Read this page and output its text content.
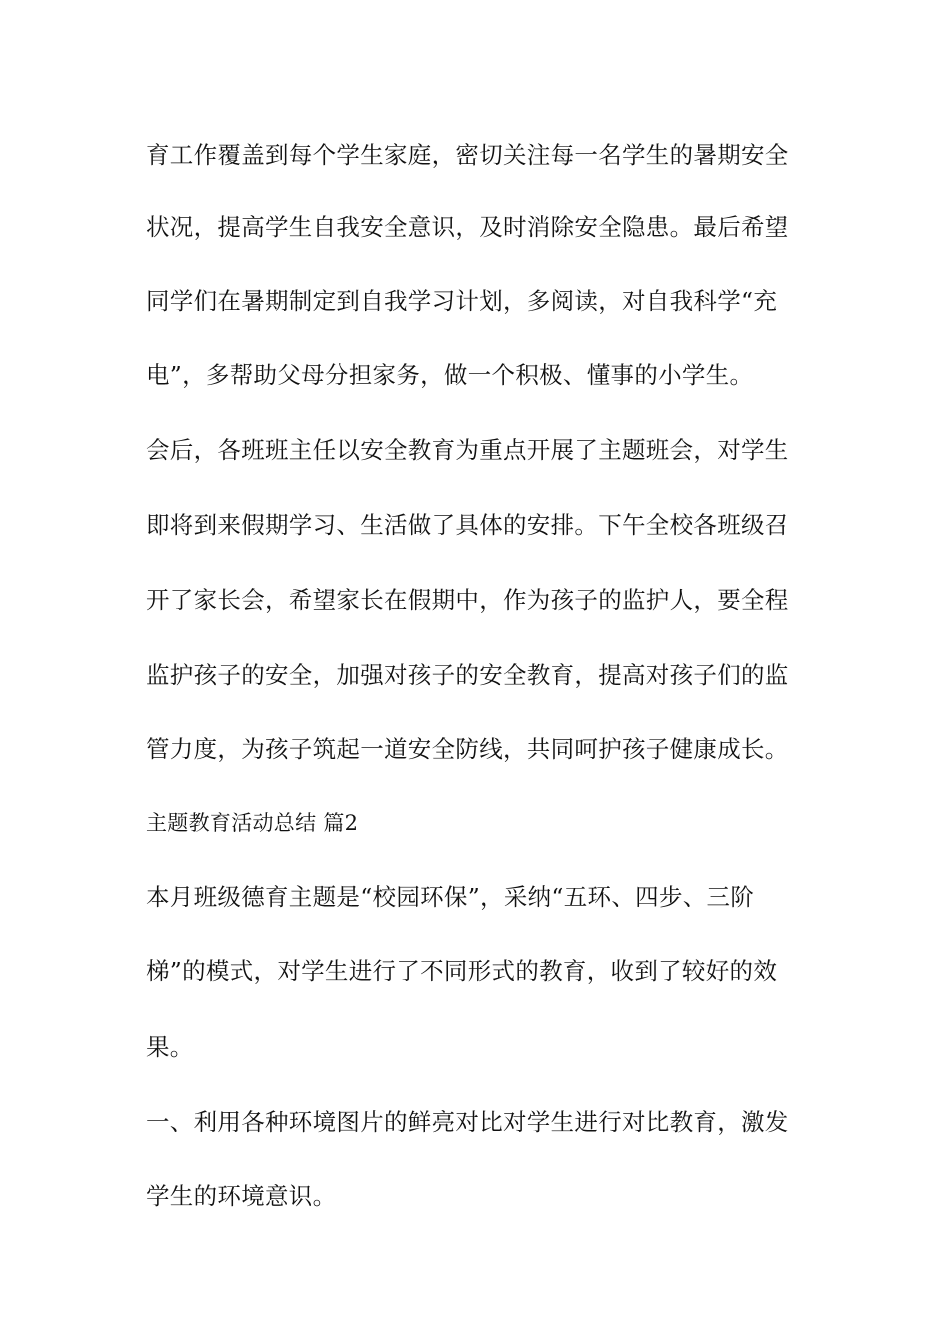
育工作覆盖到每个学生家庭，密切关注每一名学生的暑期安全
状况，提高学生自我安全意识，及时消除安全隐患。最后希望
同学们在暑期制定到自我学习计划，多阅读，对自我科学“充
电”，多帮助父母分担家务，做一个积极、懂事的小学生。
会后，各班班主任以安全教育为重点开展了主题班会，对学生
即将到来假期学习、生活做了具体的安排。下午全校各班级召
开了家长会，希望家长在假期中，作为孩子的监护人，要全程
监护孩子的安全，加强对孩子的安全教育，提高对孩子们的监
管力度，为孩子筑起一道安全防线，共同呵护孩子健康成长。
主题教育活动总结 篇2
本月班级德育主题是“校园环保”，采纳“五环、四步、三阶
梯”的模式，对学生进行了不同形式的教育，收到了较好的效
果。
一、利用各种环境图片的鲜亮对比对学生进行对比教育，激发
学生的环境意识。
